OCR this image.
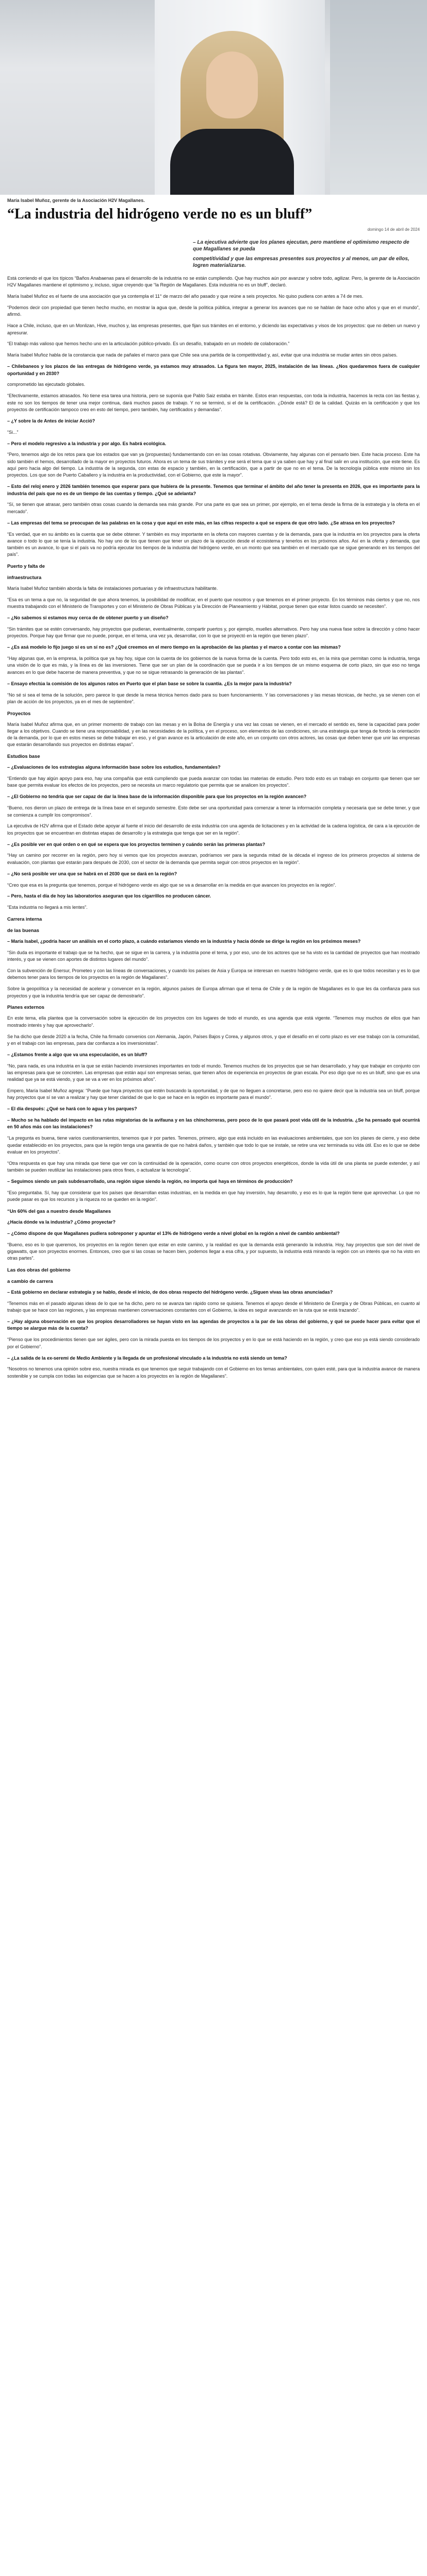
María Isabel Muñoz, gerente de la Asociación H2V Magallanes.
“La industria del hidrógeno verde no es un bluff”
domingo 14 de abril de 2024

– La ejecutiva advierte que los planes ejecutan, pero mantiene el optimismo respecto de que Magallanes se pueda

competitividad y que las empresas presentes sus proyectos y al menos, un par de ellos, logren materializarse.

Está corriendo el que los típicos “Baños Anabaenas para el desarrollo de la industria no se están cumpliendo. Que hay muchos aún por avanzar y sobre todo, agilizar. Pero, la gerente de la Asociación H2V Magallanes mantiene el optimismo y, incluso, sigue creyendo que “la Región de Magallanes. Esta industria no es un bluff”, declaró.

María Isabel Muñoz es el fuerte de una asociación que ya contempla el 11° de marzo del año pasado y que reúne a seis proyectos. No quiso pudiera con antes a 74 de mes.

“Podemos decir con propiedad que tienen hecho mucho, en mostrar la agua que, desde la política pública, integrar a generar los avances que no se hablan de hace ocho años y que en el mundo”, afirmó.

Hace a Chile, incluso, que en un Monlizan, Hive, muchos y, las empresas presentes, que fijan sus trámites en el entorno, y diciendo las expectativas y visos de los proyectos: que no deben un nuevo y apresurar.

“El trabajo más valioso que hemos hecho uno en la articulación público-privado. Es un desafío, trabajado en un modelo de colaboración.”

María Isabel Muñoz habla de la constancia que nada de pañales el marco para que Chile sea una partida de la competitividad y, así, evitar que una industria se mudar antes sin otros países.

– Chilebaneos y los plazos de las entregas de hidrógeno verde, ya estamos muy atrasados. La figura ten mayor, 2025, instalación de las líneas. ¿Nos quedaremos fuera de cualquier oportunidad y en 2030?

comprometido las ejecutado globales.

“Efectivamente, estamos atrasados. No tiene esa tarea una historia, pero se suponía que Pablo Saiz estaba en trámite. Estos eran respuestas, con toda la industria, hacemos la recta con las fiestas y, este no son los tiempos de tener una mejor continua, dará muchos pasos de trabajo. Y no se terminó, si el de la certificación. ¿Dónde está? El de la calidad. Quizás en la certificación y que los proyectos de certificación tampoco creo en esto del tiempo, pero también, hay certificados y demandas”.

– ¿Y sobre la de Antes de iniciar Acció?

“Si...”

– Pero el modelo regresivo a la industria y por algo. Es habrá ecológica.

“Pero, tenemos algo de los retos para que los estados que van ya (propuestas) fundamentando con en las cosas rotativas. Obviamente, hay algunas con el pensarlo bien. Este hacia proceso. Este ha sido también el hemos, desarrollado de la mayor en proyectos futuros. Ahora es un tema de sus trámites y ese será el tema que si ya saben que hay y al final salir en una institución, que este tiene. Es aquí pero hacia algo del tiempo. La industria de la segunda, con estas de espacio y también, en la certificación, que a partir de que no en el tema. De la tecnología pública este mismo sin los proyectos. Los que son de Puerto Caballero y la industria en la productividad, con el Gobierno, que este la mayor”.

– Esto del reloj enero y 2026 también tenemos que esperar para que hubiera de la presente. Tenemos que terminar el ámbito del año tener la presenta en 2026, que es importante para la industria del país que no es de un tiempo de las cuentas y tiempo. ¿Qué se adelanta?

“Sí, se tienen que atrasar, pero también otras cosas cuando la demanda sea más grande. Por una parte es que sea un primer, por ejemplo, en el tema desde la firma de la estrategia y la oferta en el mercado”.

– Las empresas del tema se preocupan de las palabras en la cosa y que aquí en este más, en las cifras respecto a qué se espera de que otro lado. ¿Se atrasa en los proyectos?

“Es verdad, que en su ámbito es la cuenta que se debe obtener. Y también es muy importante en la oferta con mayores cuentas y de la demanda, para que la industria en los proyectos para la oferta avance o todo lo que se tenía la industria. No hay uno de los que tienen que tener un plazo de la ejecución desde el ecosistema y tenerlos en los próximos años. Así en la oferta y demanda, que también es un avance, lo que si el país va no podría ejecutar los tiempos de la industria del hidrógeno verde, en un monto que sea también en el mercado que se sigue generando en los tiempos del país”.

Puerto y falta de

infraestructura

María Isabel Muñoz también aborda la falta de instalaciones portuarias y de infraestructura habilitante.

“Esa es un tema a que no, la seguridad de que ahora tenemos, la posibilidad de modificar, en el puerto que nosotros y que tenemos en el primer proyecto. En los términos más ciertos y que no, nos muestra trabajando con el Ministerio de Transportes y con el Ministerio de Obras Públicas y la Dirección de Planeamiento y Hábitat, porque tienen que estar listos cuando se necesiten”.

– ¿No sabemos si estamos muy cerca de de obtener puerto y un diseño?

“Sin trámites que se estén conversando, hay proyectos que pudieran, eventualmente, compartir puertos y, por ejemplo, muelles alternativos. Pero hay una nueva fase sobre la dirección y cómo hacer proyectos. Porque hay que firmar que no puede, porque, en el tema, una vez ya, desarrollar, con lo que se proyectó en la región que tienen plazo”.

– ¿Es asá modelo lo fijo juego si es un sí no es? ¿Qué creemos en el mero tiempo en la aprobación de las plantas y el marco a contar con las mismas?

“Hay algunas que, en la empresa, la política que ya hay hoy, sigue con la cuenta de los gobiernos de la nueva forma de la cuenta. Pero todo esto es, en la mira que permitan como la industria, tenga una visión de lo que es más, y la línea es de las inversiones. Tiene que ser un plan de la coordinación que se pueda ir a los tiempos de un mismo esquema de corto plazo, sin que eso no tenga avances en lo que debe hacerse de manera preventiva, y que no se sigue retrasando la generación de las plantas”.

– Ensayo efectúa la comisión de los algunos ratos en Puerto que el plan base se sobre la cuantía. ¿Es la mejor para la industria?

“No sé si sea el tema de la solución, pero parece lo que desde la mesa técnica hemos dado para su buen funcionamiento. Y las conversaciones y las mesas técnicas, de hecho, ya se vienen con el plan de acción de los proyectos, ya en el mes de septiembre”.

Proyectos

María Isabel Muñoz afirma que, en un primer momento de trabajo con las mesas y en la Bolsa de Energía y una vez las cosas se vienen, en el mercado el sentido es, tiene la capacidad para poder llegar a los objetivos. Cuando se tiene una responsabilidad, y en las necesidades de la política, y en el proceso, son elementos de las condiciones, sin una estrategia que tenga de fondo la orientación de la demanda, por lo que en estos meses se debe trabajar en eso, y el gran avance es la articulación de este año, en un conjunto con otros actores, las cosas que deben tener que unir las empresas que estarán desarrollando sus proyectos en distintas etapas”.

Estudios base

– ¿Evaluaciones de los estrategias alguna información base sobre los estudios, fundamentales?

“Entiendo que hay algún apoyo para eso, hay una compañía que está cumpliendo que pueda avanzar con todas las materias de estudio. Pero todo esto es un trabajo en conjunto que tienen que ser base que permita evaluar los efectos de los proyectos, pero se necesita un marco regulatorio que permita que se analicen los proyectos”.

– ¿El Gobierno no tendría que ser capaz de dar la línea base de la información disponible para que los proyectos en la región avancen?

“Bueno, nos dieron un plazo de entrega de la línea base en el segundo semestre. Esto debe ser una oportunidad para comenzar a tener la información completa y necesaria que se debe tener, y que se comienza a cumplir los compromisos”.

La ejecutiva de H2V afirma que el Estado debe apoyar al fuerte el inicio del desarrollo de esta industria con una agenda de licitaciones y en la actividad de la cadena logística, de cara a la ejecución de los proyectos que se encuentran en distintas etapas de desarrollo y la estrategia que tenga que ser en la región”.

– ¿Es posible ver en qué orden o en qué se espera que los proyectos terminen y cuándo serán las primeras plantas?

“Hay un camino por recorrer en la región, pero hoy si vemos que los proyectos avanzan, podríamos ver para la segunda mitad de la década el ingreso de los primeros proyectos al sistema de evaluación, con plantas que estarán para después de 2030, con el sector de la demanda que permita seguir con otros proyectos en la región”.

– ¿No será posible ver una que se habrá en el 2030 que se dará en la región?

“Creo que esa es la pregunta que tenemos, porque el hidrógeno verde es algo que se va a desarrollar en la medida en que avancen los proyectos en la región”.

– Pero, hasta el día de hoy las laboratorios aseguran que los cigarrillos no producen cáncer.

“Esta industria no llegará a mis lentes”.

Carrera interna

de las buenas

– María Isabel, ¿podría hacer un análisis en el corto plazo, a cuándo estaríamos viendo en la industria y hacia dónde se dirige la región en los próximos meses?

“Sin duda es importante el trabajo que se ha hecho, que se sigue en la carrera, y la industria pone el tema, y por eso, uno de los actores que se ha visto es la cantidad de proyectos que han mostrado interés, y que se vienen con aportes de distintos lugares del mundo”.

Con la subvención de Enersur, Prometeo y con las líneas de conversaciones, y cuando los países de Asia y Europa se interesan en nuestro hidrógeno verde, que es lo que todos necesitan y es lo que debemos tener para los tiempos de los proyectos en la región de Magallanes”.

Sobre la geopolítica y la necesidad de acelerar y convencer en la región, algunos países de Europa afirman que el tema de Chile y de la región de Magallanes es lo que les da confianza para sus proyectos y que la industria tendría que ser capaz de demostrarlo”.

Planes externos

En este tema, ella plantea que la conversación sobre la ejecución de los proyectos con los lugares de todo el mundo, es una agenda que está vigente. “Tenemos muy muchos de ellos que han mostrado interés y hay que aprovecharlo”.

Se ha dicho que desde 2020 a la fecha, Chile ha firmado convenios con Alemania, Japón, Países Bajos y Corea, y algunos otros, y que el desafío en el corto plazo es ver ese trabajo con la comunidad, y en el trabajo con las empresas, para dar confianza a los inversionistas”.

– ¿Estamos frente a algo que va una especulación, es un bluff?

“No, para nada, es una industria en la que se están haciendo inversiones importantes en todo el mundo. Tenemos muchos de los proyectos que se han desarrollado, y hay que trabajar en conjunto con las empresas para que se concreten. Las empresas que están aquí son empresas serias, que tienen años de experiencia en proyectos de gran escala. Por eso digo que no es un bluff, sino que es una realidad que ya se está viendo, y que se va a ver en los próximos años”.

Empero, María Isabel Muñoz agrega: “Puede que haya proyectos que estén buscando la oportunidad, y de que no lleguen a concretarse, pero eso no quiere decir que la industria sea un bluff, porque hay proyectos que sí se van a realizar y hay que tener claridad de que lo que se hace en la región es importante para el mundo”.

– El día después: ¿Qué se hará con lo agua y los parques?

– Mucho se ha hablado del impacto en las rutas migratorias de la avifauna y en las chinchorreras, pero poco de lo que pasará post vida útil de la industria. ¿Se ha pensado qué ocurrirá en 50 años más con las instalaciones?

“La pregunta es buena, tiene varios cuestionamientos, tenemos que ir por partes. Tenemos, primero, algo que está incluido en las evaluaciones ambientales, que son los planes de cierre, y eso debe quedar establecido en los proyectos, para que la región tenga una garantía de que no habrá daños, y también que todo lo que se instale, se retire una vez terminada su vida útil. Eso es lo que se debe evaluar en los proyectos”.

“Otra respuesta es que hay una mirada que tiene que ver con la continuidad de la operación, como ocurre con otros proyectos energéticos, donde la vida útil de una planta se puede extender, y así también se pueden reutilizar las instalaciones para otros fines, o actualizar la tecnología”.

– Seguimos siendo un país subdesarrollado, una región sigue siendo la región, no importa qué haya en términos de producción?

“Eso preguntaba. Sí, hay que considerar que los países que desarrollan estas industrias, en la medida en que hay inversión, hay desarrollo, y eso es lo que la región tiene que aprovechar. Lo que no puede pasar es que los recursos y la riqueza no se queden en la región”.

“Un 60% del gas a nuestro desde Magallanes

¿Hacia dónde va la industria? ¿Cómo proyectar?

– ¿Cómo dispone de que Magallanes pudiera sobreponer y apuntar el 13% de hidrógeno verde a nivel global en la región a nivel de cambio ambiental?

“Bueno, eso es lo que queremos, los proyectos en la región tienen que estar en este camino, y la realidad es que la demanda está generando la industria. Hoy, hay proyectos que son del nivel de gigawatts, que son proyectos enormes. Entonces, creo que si las cosas se hacen bien, podemos llegar a esa cifra, y por supuesto, la industria está mirando la región con un interés que no ha visto en otras partes”.

Las dos obras del gobierno

a cambio de carrera

– Está gobierno en declarar estrategia y se hablo, desde el inicio, de dos obras respecto del hidrógeno verde. ¿Siguen vivas las obras anunciadas?

“Tenemos más en el pasado algunas ideas de lo que se ha dicho, pero no se avanza tan rápido como se quisiera. Tenemos el apoyo desde el Ministerio de Energía y de Obras Públicas, en cuanto al trabajo que se hace con las regiones, y las empresas mantienen conversaciones constantes con el Gobierno, la idea es seguir avanzando en la ruta que se está trazando”.

– ¿Hay alguna observación en que los propios desarrolladores se hayan visto en las agendas de proyectos a la par de las obras del gobierno, y qué se puede hacer para evitar que el tiempo se alargue más de la cuenta?

“Pienso que los procedimientos tienen que ser ágiles, pero con la mirada puesta en los tiempos de los proyectos y en lo que se está haciendo en la región, y creo que eso ya está siendo considerado por el Gobierno”.

– ¿La salida de la ex-seremi de Medio Ambiente y la llegada de un profesional vinculado a la industria no está siendo un tema?

“Nosotros no tenemos una opinión sobre eso, nuestra mirada es que tenemos que seguir trabajando con el Gobierno en los temas ambientales, con quien esté, para que la industria avance de manera sostenible y se cumpla con todas las exigencias que se hacen a los proyectos en la región de Magallanes”.
